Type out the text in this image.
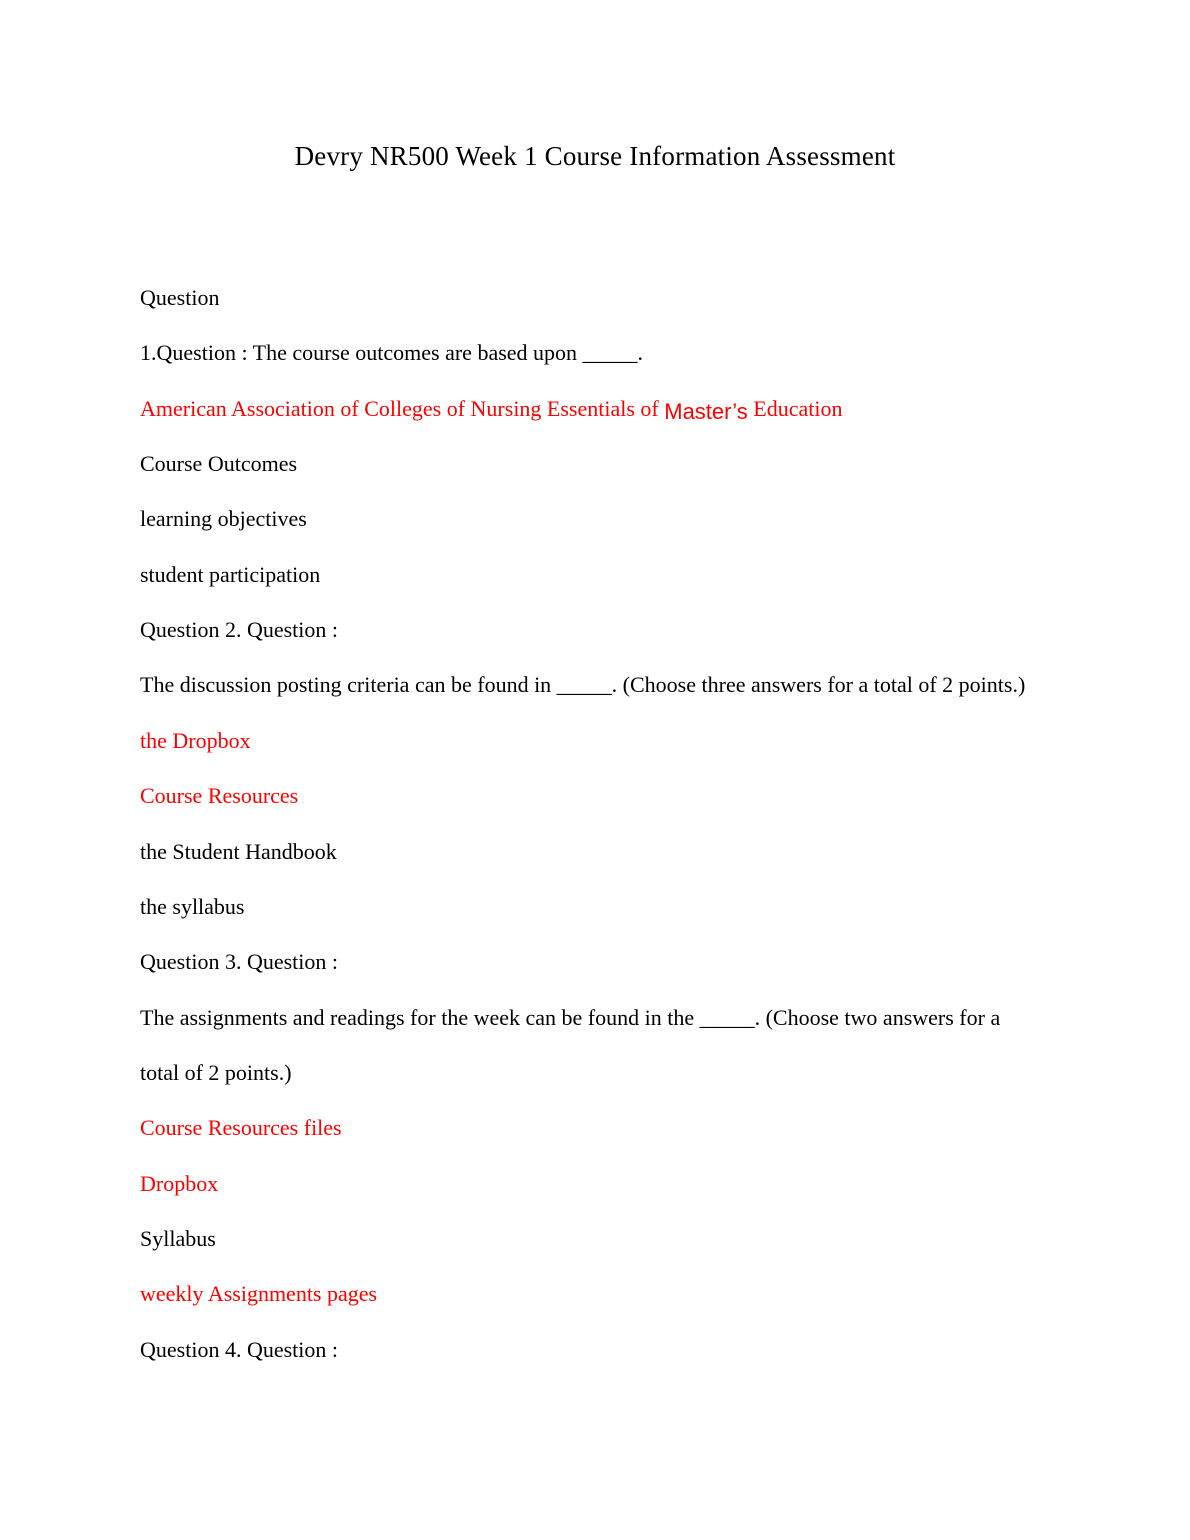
Devry NR500 Week 1 Course Information Assessment
Question
1.Question : The course outcomes are based upon _____.
American Association of Colleges of Nursing Essentials of Master’s Education
Course Outcomes
learning objectives
student participation
Question 2. Question :
The discussion posting criteria can be found in _____. (Choose three answers for a total of 2 points.)
the Dropbox
Course Resources
the Student Handbook
the syllabus
Question 3. Question :
The assignments and readings for the week can be found in the _____. (Choose two answers for a
total of 2 points.)
Course Resources files
Dropbox
Syllabus
weekly Assignments pages
Question 4. Question :
